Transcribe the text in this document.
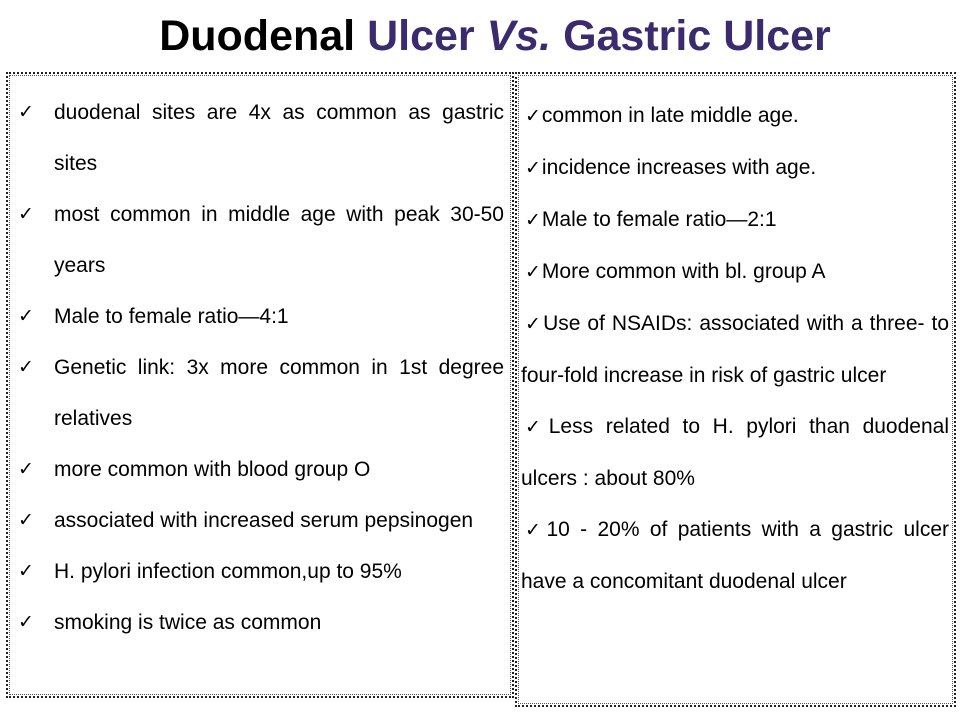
Duodenal Ulcer Vs. Gastric Ulcer
✓ duodenal sites are 4x as common as gastric sites
✓ most common in middle age with peak 30-50 years
✓ Male to female ratio—4:1
✓ Genetic link: 3x more common in 1st degree relatives
✓ more common with blood group O
✓ associated with increased serum pepsinogen
✓ H. pylori infection common,up to 95%
✓ smoking is twice as common
✓common in late middle age.
✓incidence increases with age.
✓Male to female ratio—2:1
✓More common with bl. group A
✓Use of NSAIDs: associated with a three- to four-fold increase in risk of gastric ulcer
✓Less related to H. pylori than duodenal ulcers : about 80%
✓10 - 20% of patients with a gastric ulcer have a concomitant duodenal ulcer
